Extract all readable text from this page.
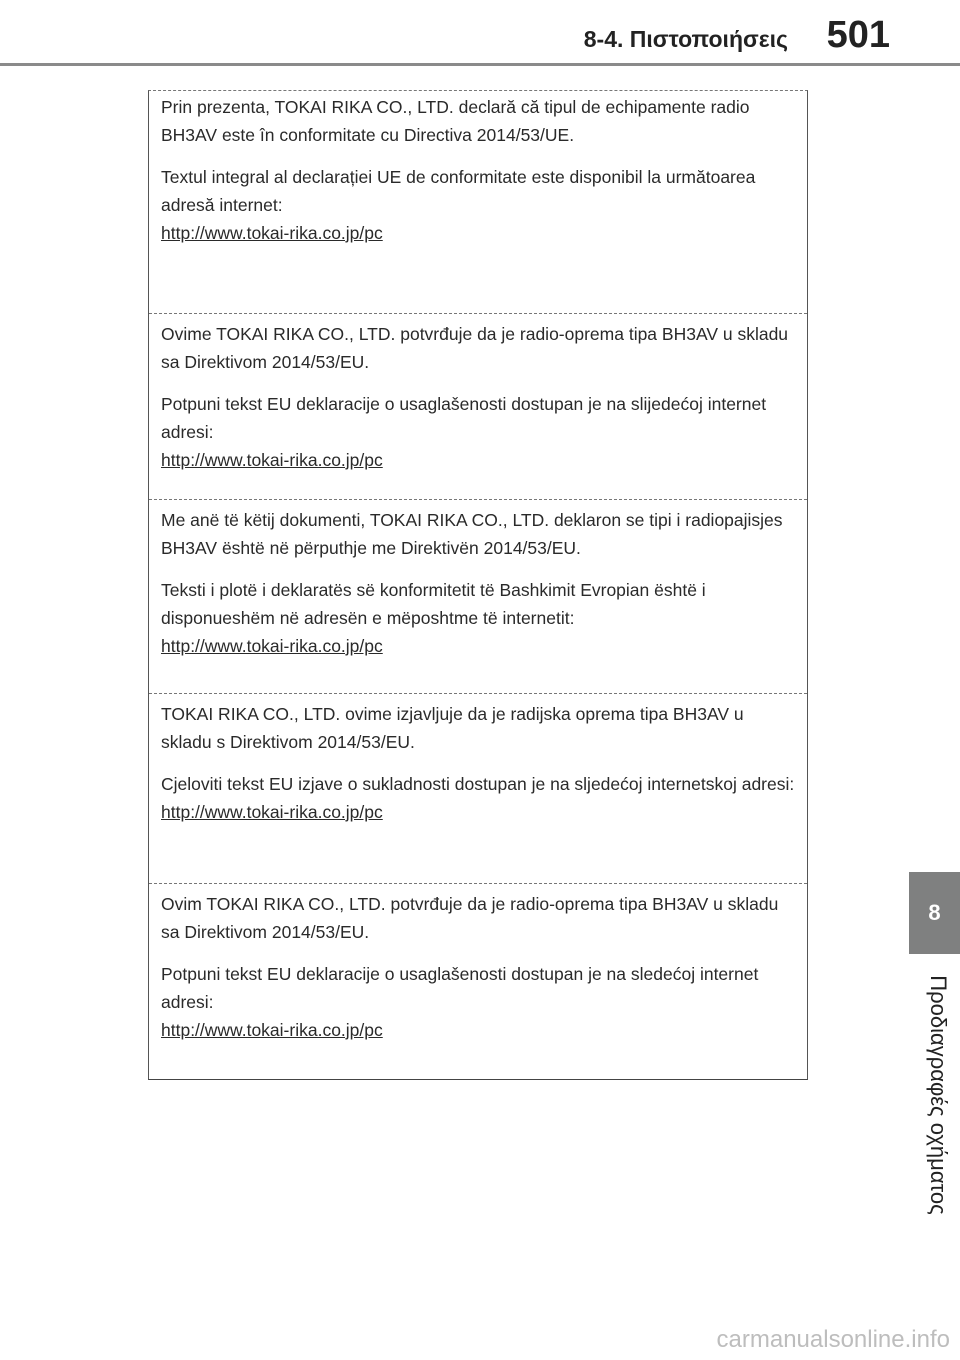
8-4. Πιστοποιήσεις 501
8
Προδιαγραφές οχήματος

Prin prezenta, TOKAI RIKA CO., LTD. declară că tipul de echipamente radio BH3AV este în conformitate cu Directiva 2014/53/UE.

Textul integral al declarației UE de conformitate este disponibil la următoarea adresă internet:

http://www.tokai-rika.co.jp/pc

Ovime TOKAI RIKA CO., LTD. potvrđuje da je radio-oprema tipa BH3AV u skladu sa Direktivom 2014/53/EU.

Potpuni tekst EU deklaracije o usaglašenosti dostupan je na slijedećoj internet adresi:

http://www.tokai-rika.co.jp/pc

Me anë të këtij dokumenti, TOKAI RIKA CO., LTD. deklaron se tipi i radiopajisjes BH3AV është në përputhje me Direktivën 2014/53/EU.

Teksti i plotë i deklaratës së konformitetit të Bashkimit Evropian është i disponueshëm në adresën e mëposhtme të internetit:

http://www.tokai-rika.co.jp/pc

TOKAI RIKA CO., LTD. ovime izjavljuje da je radijska oprema tipa BH3AV u skladu s Direktivom 2014/53/EU.

Cjeloviti tekst EU izjave o sukladnosti dostupan je na sljedećoj internetskoj adresi:

http://www.tokai-rika.co.jp/pc

Ovim TOKAI RIKA CO., LTD. potvrđuje da je radio-oprema tipa BH3AV u skladu sa Direktivom 2014/53/EU.

Potpuni tekst EU deklaracije o usaglašenosti dostupan je na sledećoj internet adresi:

http://www.tokai-rika.co.jp/pc
carmanualsonline.info
